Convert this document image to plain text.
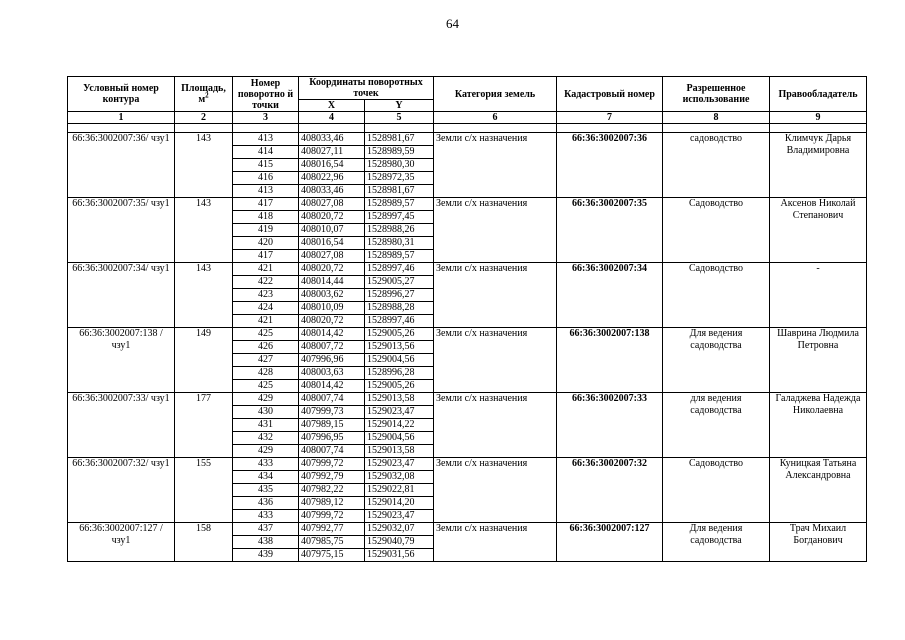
64
Условный номер контура	Площадь, $м^2$	Номер поворотно й точки	Координаты поворотных точек		Категория земель	Кадастровый номер	Разрешенное использование	Правообладатель
			X	Y				
1	2	3	4	5	6	7	8	9

66:36:3002007:36/ чзу1	143	413	408033,46	1528981,67	Земли с/х назначения	66:36:3002007:36	садоводство	Климчук Дарья Владимировна
		414	408027,11	1528989,59				
		415	408016,54	1528980,30				
		416	408022,96	1528972,35				
		413	408033,46	1528981,67				
66:36:3002007:35/ чзу1	143	417	408027,08	1528989,57	Земли с/х назначения	66:36:3002007:35	Садоводство	Аксенов Николай Степанович
		418	408020,72	1528997,45				
		419	408010,07	1528988,26				
		420	408016,54	1528980,31				
		417	408027,08	1528989,57				
66:36:3002007:34/ чзу1	143	421	408020,72	1528997,46	Земли с/х назначения	66:36:3002007:34	Садоводство	-
		422	408014,44	1529005,27				
		423	408003,62	1528996,27				
		424	408010,09	1528988,28				
		421	408020,72	1528997,46				
66:36:3002007:138 /чзу1	149	425	408014,42	1529005,26	Земли с/х назначения	66:36:3002007:138	Для ведения садоводства	Шаврина Людмила Петровна
		426	408007,72	1529013,56				
		427	407996,96	1529004,56				
		428	408003,63	1528996,28				
		425	408014,42	1529005,26				
66:36:3002007:33/ чзу1	177	429	408007,74	1529013,58	Земли с/х назначения	66:36:3002007:33	для ведения садоводства	Галаджева Надежда Николаевна
		430	407999,73	1529023,47				
		431	407989,15	1529014,22				
		432	407996,95	1529004,56				
		429	408007,74	1529013,58				
66:36:3002007:32/ чзу1	155	433	407999,72	1529023,47	Земли с/х назначения	66:36:3002007:32	Садоводство	Куницкая Татьяна Александровна
		434	407992,79	1529032,08				
		435	407982,22	1529022,81				
		436	407989,12	1529014,20				
		433	407999,72	1529023,47				
66:36:3002007:127 /чзу1	158	437	407992,77	1529032,07	Земли с/х назначения	66:36:3002007:127	Для ведения садоводства	Трач Михаил Богданович
		438	407985,75	1529040,79				
		439	407975,15	1529031,56				
